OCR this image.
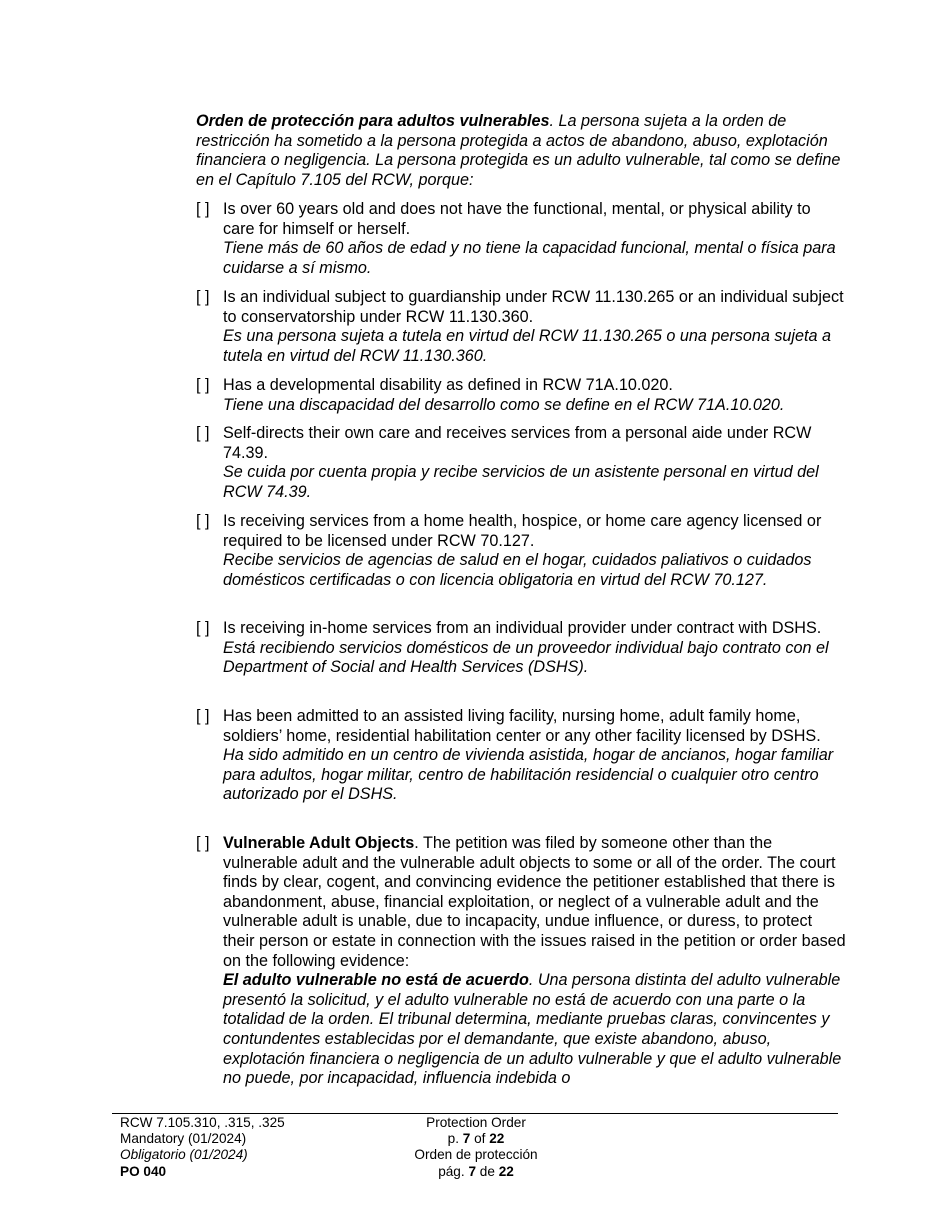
Orden de protección para adultos vulnerables. La persona sujeta a la orden de restricción ha sometido a la persona protegida a actos de abandono, abuso, explotación financiera o negligencia. La persona protegida es un adulto vulnerable, tal como se define en el Capítulo 7.105 del RCW, porque:
[ ] Is over 60 years old and does not have the functional, mental, or physical ability to care for himself or herself.
Tiene más de 60 años de edad y no tiene la capacidad funcional, mental o física para cuidarse a sí mismo.
[ ] Is an individual subject to guardianship under RCW 11.130.265 or an individual subject to conservatorship under RCW 11.130.360.
Es una persona sujeta a tutela en virtud del RCW 11.130.265 o una persona sujeta a tutela en virtud del RCW 11.130.360.
[ ] Has a developmental disability as defined in RCW 71A.10.020.
Tiene una discapacidad del desarrollo como se define en el RCW 71A.10.020.
[ ] Self-directs their own care and receives services from a personal aide under RCW 74.39.
Se cuida por cuenta propia y recibe servicios de un asistente personal en virtud del RCW 74.39.
[ ] Is receiving services from a home health, hospice, or home care agency licensed or required to be licensed under RCW 70.127.
Recibe servicios de agencias de salud en el hogar, cuidados paliativos o cuidados domésticos certificadas o con licencia obligatoria en virtud del RCW 70.127.
[ ] Is receiving in-home services from an individual provider under contract with DSHS.
Está recibiendo servicios domésticos de un proveedor individual bajo contrato con el Department of Social and Health Services (DSHS).
[ ] Has been admitted to an assisted living facility, nursing home, adult family home, soldiers’ home, residential habilitation center or any other facility licensed by DSHS.
Ha sido admitido en un centro de vivienda asistida, hogar de ancianos, hogar familiar para adultos, hogar militar, centro de habilitación residencial o cualquier otro centro autorizado por el DSHS.
[ ] Vulnerable Adult Objects. The petition was filed by someone other than the vulnerable adult and the vulnerable adult objects to some or all of the order. The court finds by clear, cogent, and convincing evidence the petitioner established that there is abandonment, abuse, financial exploitation, or neglect of a vulnerable adult and the vulnerable adult is unable, due to incapacity, undue influence, or duress, to protect their person or estate in connection with the issues raised in the petition or order based on the following evidence:
El adulto vulnerable no está de acuerdo. Una persona distinta del adulto vulnerable presentó la solicitud, y el adulto vulnerable no está de acuerdo con una parte o la totalidad de la orden. El tribunal determina, mediante pruebas claras, convincentes y contundentes establecidas por el demandante, que existe abandono, abuso, explotación financiera o negligencia de un adulto vulnerable y que el adulto vulnerable no puede, por incapacidad, influencia indebida o
RCW 7.105.310, .315, .325
Mandatory (01/2024)
Obligatorio (01/2024)
PO 040
Protection Order
p. 7 of 22
Orden de protección
pág. 7 de 22
